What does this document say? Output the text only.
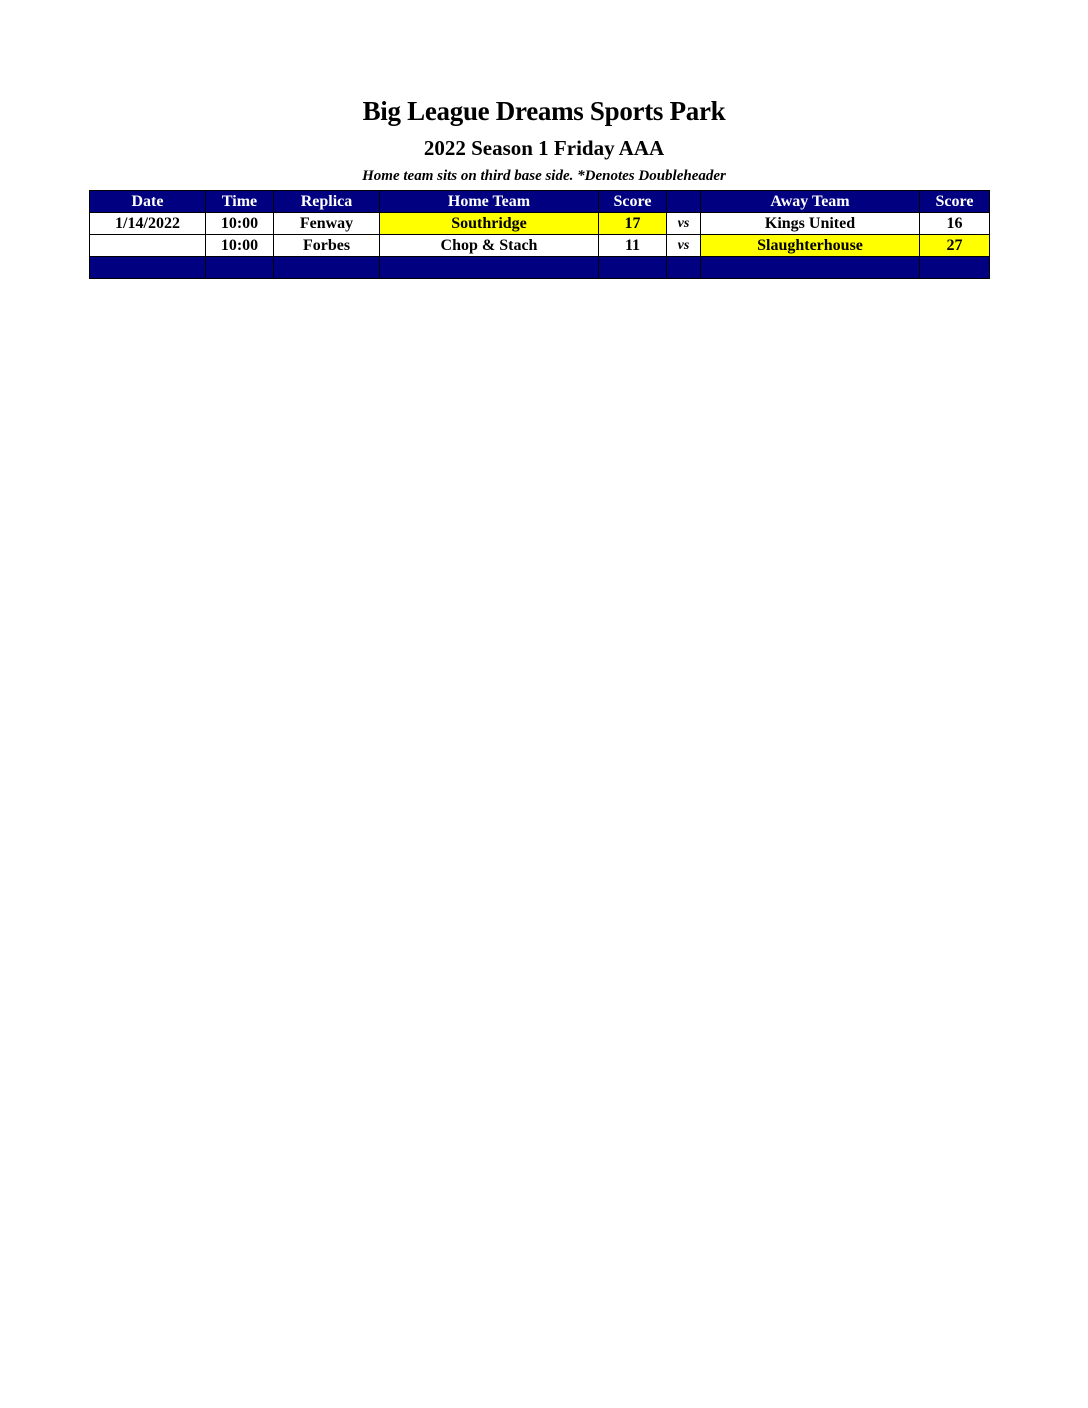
Big League Dreams Sports Park
2022 Season 1 Friday AAA
Home team sits on third base side. *Denotes Doubleheader
Date	Time	Replica	Home Team	Score		Away Team	Score
1/14/2022	10:00	Fenway	Southridge	17	vs	Kings United	16
	10:00	Forbes	Chop & Stach	11	vs	Slaughterhouse	27
